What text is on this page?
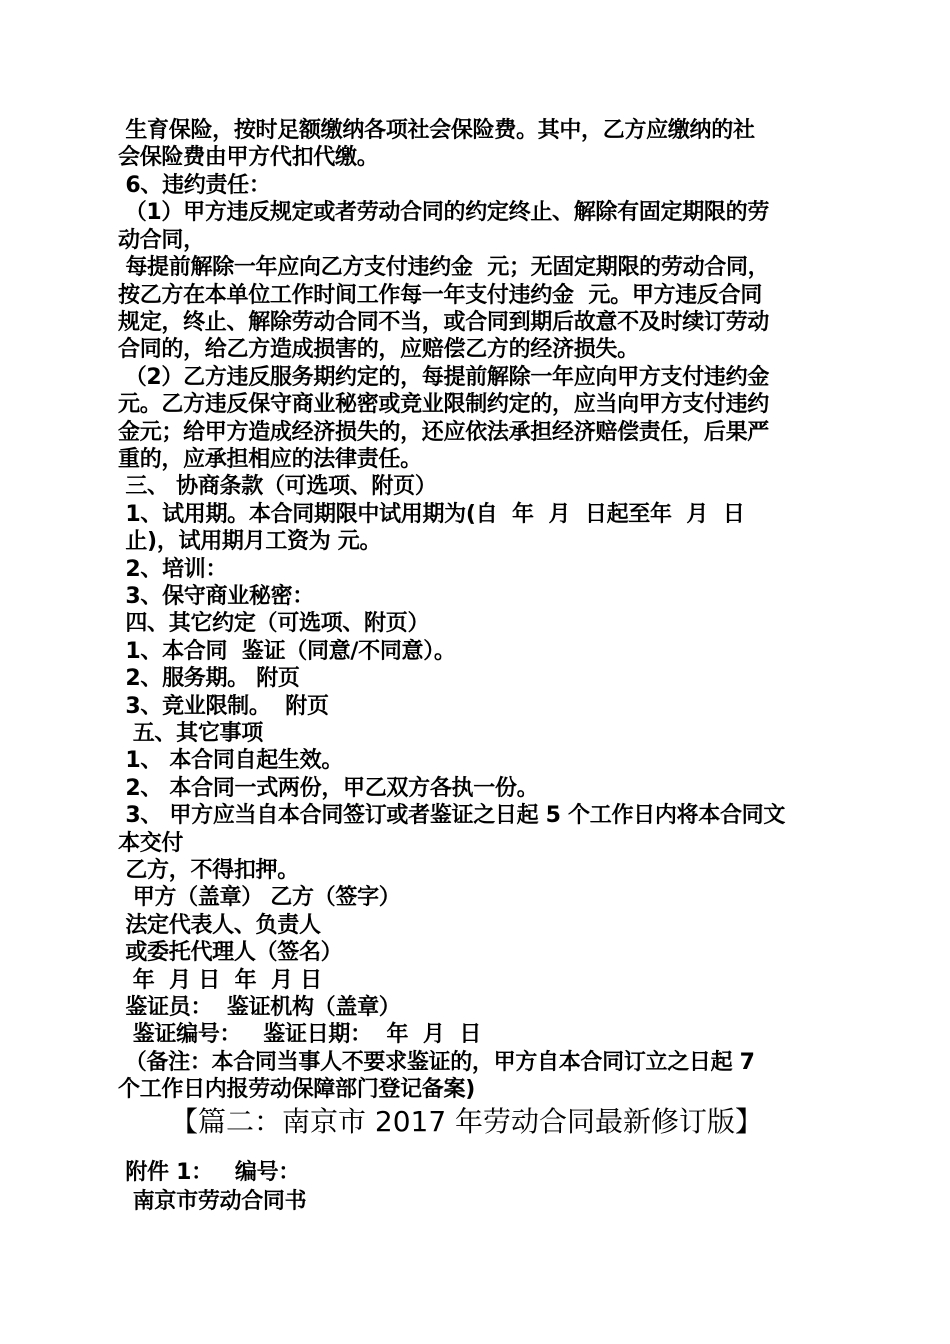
生育保险，按时足额缴纳各项社会保险费。其中，乙方应缴纳的社
会保险费由甲方代扣代缴。
6、违约责任：
（1）甲方违反规定或者劳动合同的约定终止、解除有固定期限的劳
动合同，
每提前解除一年应向乙方支付违约金  元；无固定期限的劳动合同，
按乙方在本单位工作时间工作每一年支付违约金  元。甲方违反合同
规定，终止、解除劳动合同不当，或合同到期后故意不及时续订劳动
合同的，给乙方造成损害的，应赔偿乙方的经济损失。
（2）乙方违反服务期约定的，每提前解除一年应向甲方支付违约金
元。乙方违反保守商业秘密或竞业限制约定的，应当向甲方支付违约
金元；给甲方造成经济损失的，还应依法承担经济赔偿责任，后果严
重的，应承担相应的法律责任。
三、 协商条款（可选项、附页）
1、试用期。本合同期限中试用期为(自  年  月  日起至年  月  日
止)，试用期月工资为 元。
2、培训：
3、保守商业秘密：
四、其它约定（可选项、附页）
1、本合同  鉴证（同意/不同意）。
2、服务期。 附页
3、竞业限制。  附页
五、其它事项
1、 本合同自起生效。
2、 本合同一式两份，甲乙双方各执一份。
3、 甲方应当自本合同签订或者鉴证之日起 5 个工作日内将本合同文
本交付
乙方，不得扣押。
甲方（盖章） 乙方（签字）
法定代表人、负责人
或委托代理人（签名）
年  月 日  年  月 日
鉴证员：  鉴证机构（盖章）
鉴证编号：   鉴证日期：  年  月  日
（备注：本合同当事人不要求鉴证的，甲方自本合同订立之日起 7
个工作日内报劳动保障部门登记备案)
【篇二：南京市 2017 年劳动合同最新修订版】
附件 1：   编号：
南京市劳动合同书
